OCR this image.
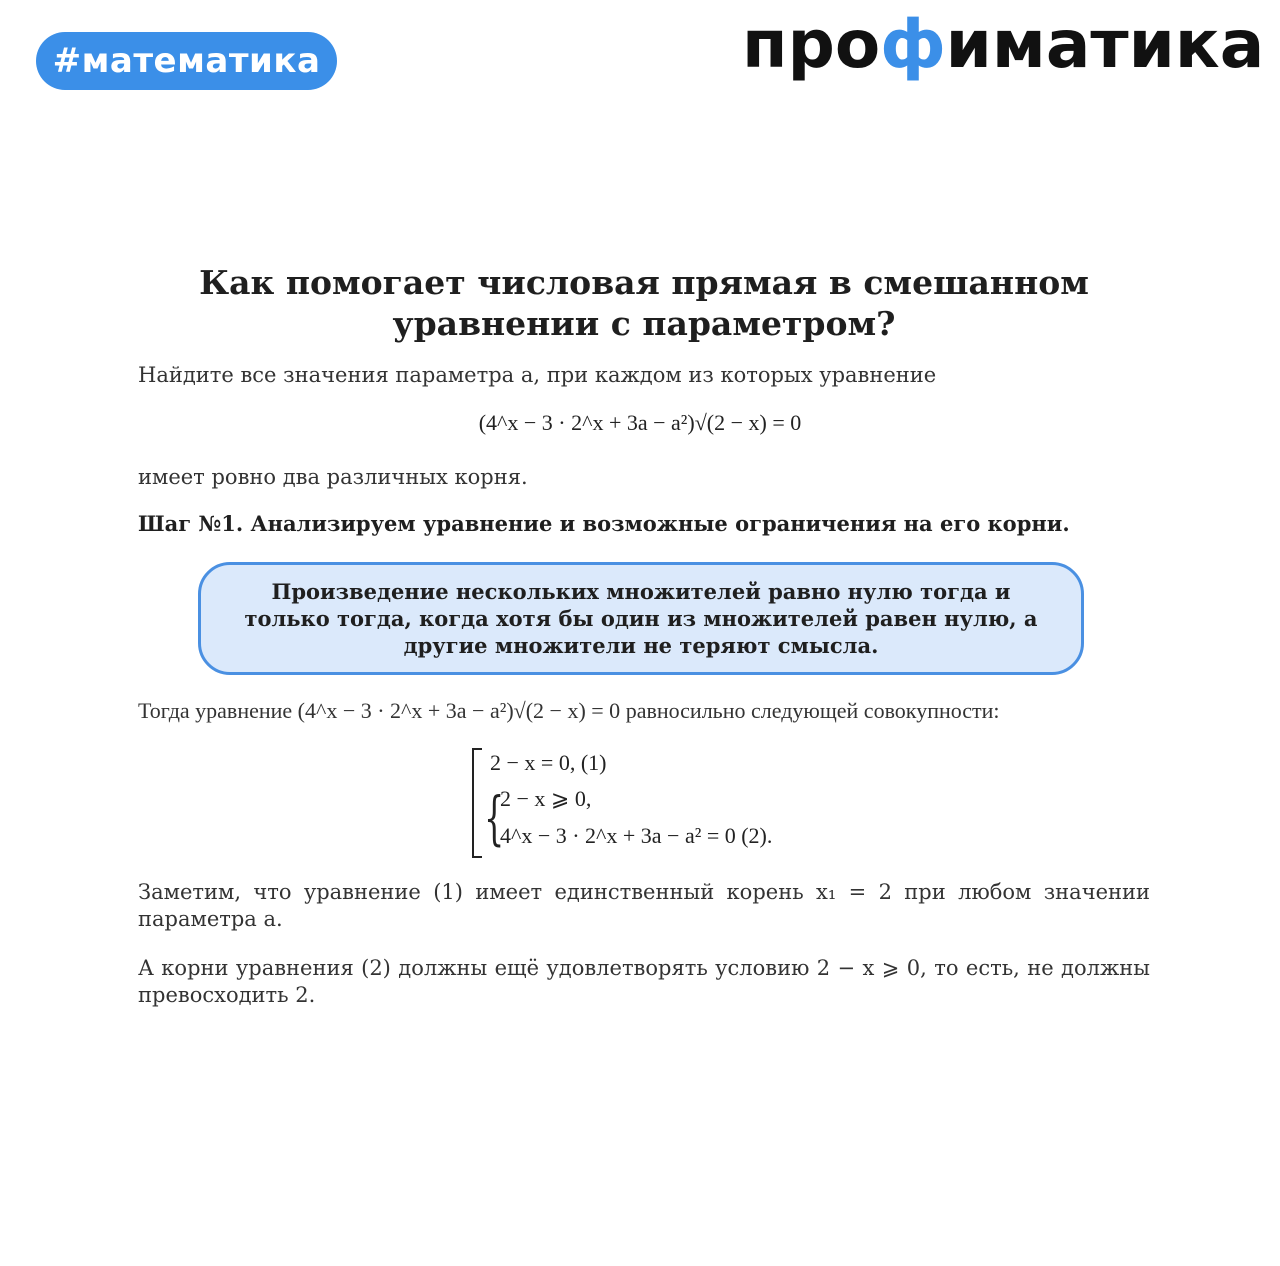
#математика	про ф иматика
Как помогает числовая прямая в смешанном уравнении с параметром?
Найдите все значения параметра a, при каждом из которых уравнение
(4^x − 3 · 2^x + 3a − a²)√(2 − x) = 0
имеет ровно два различных корня.
Шаг №1. Анализируем уравнение и возможные ограничения на его корни.
Произведение нескольких множителей равно нулю тогда и только тогда, когда хотя бы один из множителей равен нулю, а другие множители не теряют смысла.
Тогда уравнение (4^x − 3 · 2^x + 3a − a²)√(2 − x) = 0 равносильно следующей совокупности:
2 − x = 0, (1)
{
2 − x ⩾ 0,
4^x − 3 · 2^x + 3a − a² = 0 (2).
Заметим, что уравнение (1) имеет единственный корень x₁ = 2 при любом значении параметра a.
А корни уравнения (2) должны ещё удовлетворять условию 2 − x ⩾ 0, то есть, не должны превосходить 2.
